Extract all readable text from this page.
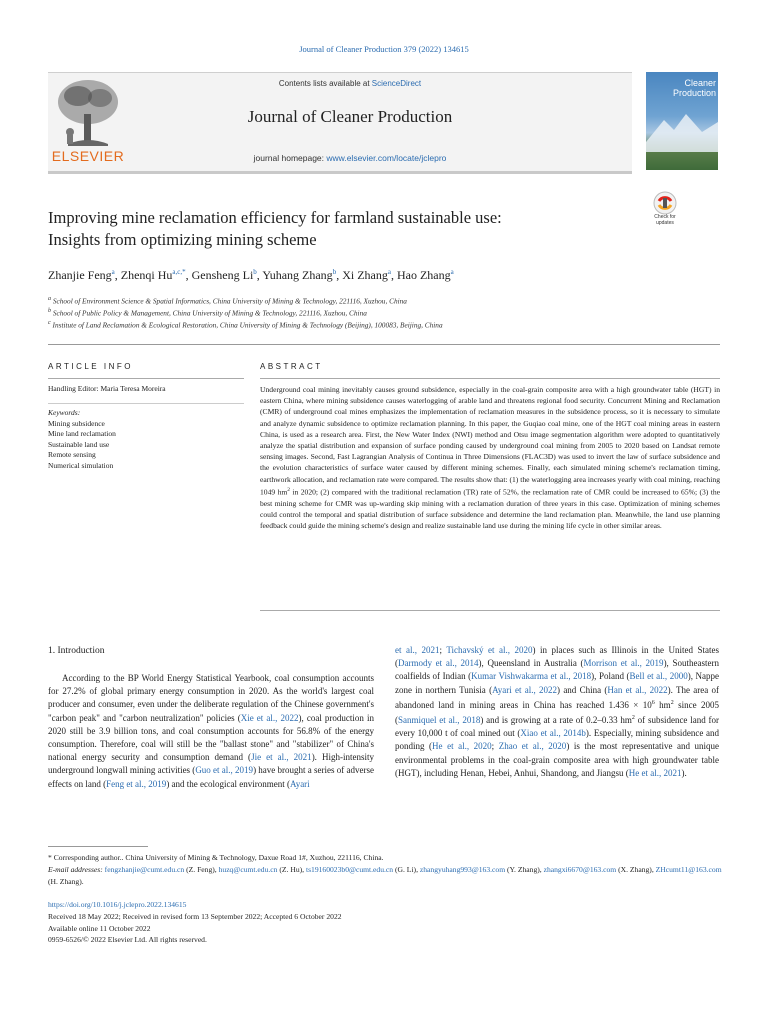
Journal of Cleaner Production 379 (2022) 134615
ELSEVIER
Contents lists available at ScienceDirect
Journal of Cleaner Production
journal homepage: www.elsevier.com/locate/jclepro
Cleaner
Production
Check for
updates
Improving mine reclamation efficiency for farmland sustainable use:
Insights from optimizing mining scheme
Zhanjie Feng$^a$, Zhenqi $Hu^{a,c,*}$, Gensheng Li$^b$, Yuhang Zhang$^b$, Xi Zhang$^a$, Hao Zhang$^a$
$^a$ School of Environment Science & Spatial Informatics, China University of Mining & Technology, 221116, Xuzhou, China
$^b$ School of Public Policy & Management, China University of Mining & Technology, 221116, Xuzhou, China
$^c$ Institute of Land Reclamation & Ecological Restoration, China University of Mining & Technology (Beijing), 100083, Beijing, China
ARTICLE INFO	ABSTRACT
Handling Editor: Maria Teresa Moreira
Keywords:
Mining subsidence
Mine land reclamation
Sustainable land use
Remote sensing
Numerical simulation
Underground coal mining inevitably causes ground subsidence, especially in the coal-grain composite area with a high groundwater table (HGT) in eastern China, where mining subsidence causes waterlogging of arable land and threatens regional food security. Concurrent Mining and Reclamation (CMR) of underground coal mines emphasizes the implementation of reclamation measures in the subsidence process, so it is necessary to simulate and analyze dynamic subsidence to optimize reclamation planning. In this paper, the Guqiao coal mine, one of the HGT coal mining areas in eastern China, is used as a research area. First, the New Water Index (NWI) method and Otsu image segmentation algorithm were adopted to quantitatively analyze the spatial distribution and expansion of surface ponding caused by underground coal mining from 2005 to 2020 based on Landsat remote sensing images. Second, Fast Lagrangian Analysis of Continua in Three Dimensions (FLAC3D) was used to invert the law of surface subsidence and the evolution characteristics of surface water caused by different mining schemes. Finally, each simulated mining scheme's reclamation timing, earthwork allocation, and reclamation rate were compared. The results show that: (1) the waterlogging area increases yearly with coal mining, reaching 1049 $hm^2$ in 2020; (2) compared with the traditional reclamation (TR) rate of 52%, the reclamation rate of CMR could be increased to 65%; (3) the best mining scheme for CMR was up-warding skip mining with a reclamation duration of three years in this case. Optimization of mining schemes could control the temporal and spatial distribution of surface subsidence and determine the land reclamation plan. Meanwhile, the land use planning feedback could guide the mining scheme's design and realize sustainable land use during the mining life cycle in other similar areas.
1. Introduction
According to the BP World Energy Statistical Yearbook, coal consumption accounts for 27.2% of global primary energy consumption in 2020. As the world's largest coal producer and consumer, even under the deliberate regulation of the Chinese government's "carbon peak" and "carbon neutralization" policies (Xie et al., 2022), coal production in 2020 still be 3.9 billion tons, and coal consumption accounts for 56.8% of the energy consumption. Therefore, coal will still be the "ballast stone" and "stabilizer" of China's national energy security and consumption demand (Jie et al., 2021). High-intensity underground longwall mining activities (Guo et al., 2019) have brought a series of adverse effects on land (Feng et al., 2019) and the ecological environment (Ayari
et al., 2021; Tichavský et al., 2020) in places such as Illinois in the United States (Darmody et al., 2014), Queensland in Australia (Morrison et al., 2019), Southeastern coalfields of Indian (Kumar Vishwakarma et al., 2018), Poland (Bell et al., 2000), Nappe zone in northern Tunisia (Ayari et al., 2022) and China (Han et al., 2022). The area of abandoned land in mining areas in China has reached $1.436 \times 10^6$ $hm^2$ since 2005 (Sanmiquel et al., 2018) and is growing at a rate of 0.2–0.33 $hm^2$ of subsidence land for every 10,000 t of coal mined out (Xiao et al., 2014b). Especially, mining subsidence and ponding (He et al., 2020; Zhao et al., 2020) is the most representative and unique environmental problems in the coal-grain composite area with high groundwater table (HGT), including Henan, Hebei, Anhui, Shandong, and Jiangsu (He et al., 2021).
* Corresponding author.. China University of Mining & Technology, Daxue Road 1#, Xuzhou, 221116, China.
E-mail addresses: fengzhanjie@cumt.edu.cn (Z. Feng), huzq@cumt.edu.cn (Z. Hu), ts19160023b0@cumt.edu.cn (G. Li), zhangyuhang993@163.com (Y. Zhang), zhangxi6670@163.com (X. Zhang), ZHcumt11@163.com (H. Zhang).
https://doi.org/10.1016/j.jclepro.2022.134615
Received 18 May 2022; Received in revised form 13 September 2022; Accepted 6 October 2022
Available online 11 October 2022
0959-6526/© 2022 Elsevier Ltd. All rights reserved.
